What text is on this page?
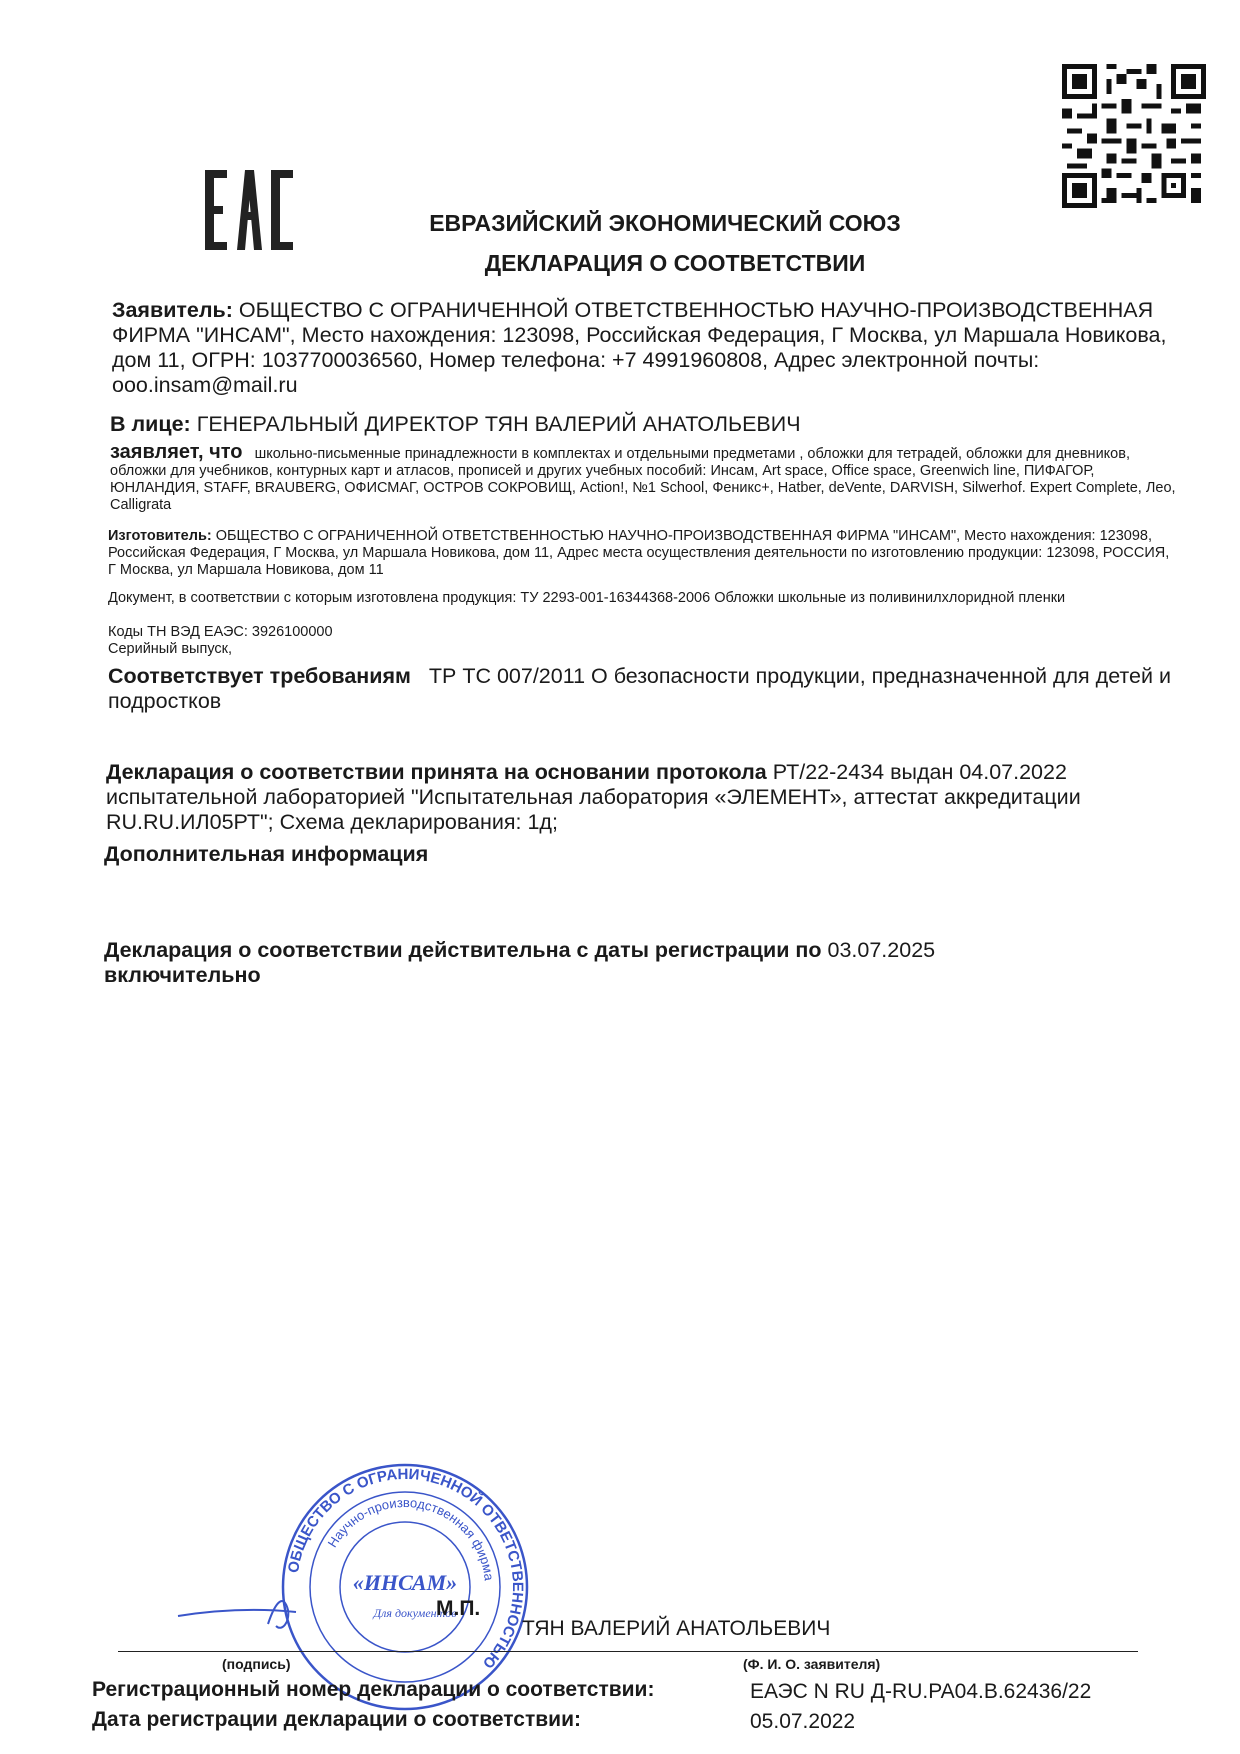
ЕВРАЗИЙСКИЙ ЭКОНОМИЧЕСКИЙ СОЮЗ
ДЕКЛАРАЦИЯ О СООТВЕТСТВИИ
Заявитель: ОБЩЕСТВО С ОГРАНИЧЕННОЙ ОТВЕТСТВЕННОСТЬЮ НАУЧНО-ПРОИЗВОДСТВЕННАЯ ФИРМА "ИНСАМ", Место нахождения: 123098, Российская Федерация, Г Москва, ул Маршала Новикова, дом 11, ОГРН: 1037700036560, Номер телефона: +7 4991960808, Адрес электронной почты: ooo.insam@mail.ru
В лице: ГЕНЕРАЛЬНЫЙ ДИРЕКТОР ТЯН ВАЛЕРИЙ АНАТОЛЬЕВИЧ
заявляет, что школьно-письменные принадлежности в комплектах и отдельными предметами , обложки для тетрадей, обложки для дневников, обложки для учебников, контурных карт и атласов, прописей и других учебных пособий: Инсам, Art space, Office space, Greenwich line, ПИФАГОР, ЮНЛАНДИЯ, STAFF, BRAUBERG, ОФИСМАГ, ОСТРОВ СОКРОВИЩ, Action!, №1 School, Феникс+, Hatber, deVente, DARVISH, Silwerhof. Expert Complete, Лео, Calligrata
Изготовитель: ОБЩЕСТВО С ОГРАНИЧЕННОЙ ОТВЕТСТВЕННОСТЬЮ НАУЧНО-ПРОИЗВОДСТВЕННАЯ ФИРМА "ИНСАМ", Место нахождения: 123098, Российская Федерация, Г Москва, ул Маршала Новикова, дом 11, Адрес места осуществления деятельности по изготовлению продукции: 123098, РОССИЯ, Г Москва, ул Маршала Новикова, дом 11
Документ, в соответствии с которым изготовлена продукция: ТУ 2293-001-16344368-2006 Обложки школьные из поливинилхлоридной пленки
Коды ТН ВЭД ЕАЭС: 3926100000
Серийный выпуск,
Соответствует требованиям ТР ТС 007/2011 О безопасности продукции, предназначенной для детей и подростков
Декларация о соответствии принята на основании протокола РТ/22-2434 выдан 04.07.2022 испытательной лабораторией "Испытательная лаборатория «ЭЛЕМЕНТ», аттестат аккредитации RU.RU.ИЛ05РТ"; Схема декларирования: 1д;
Дополнительная информация
Декларация о соответствии действительна с даты регистрации по 03.07.2025
включительно
ОБЩЕСТВО С ОГРАНИЧЕННОЙ ОТВЕТСТВЕННОСТЬЮ
Научно-производственная фирма
«ИНСАМ»
Для документов
М.П.
ТЯН ВАЛЕРИЙ АНАТОЛЬЕВИЧ
(подпись)	(Ф. И. О. заявителя)
Регистрационный номер декларации о соответствии:	ЕАЭС N RU Д-RU.PA04.B.62436/22
Дата регистрации декларации о соответствии:	05.07.2022
